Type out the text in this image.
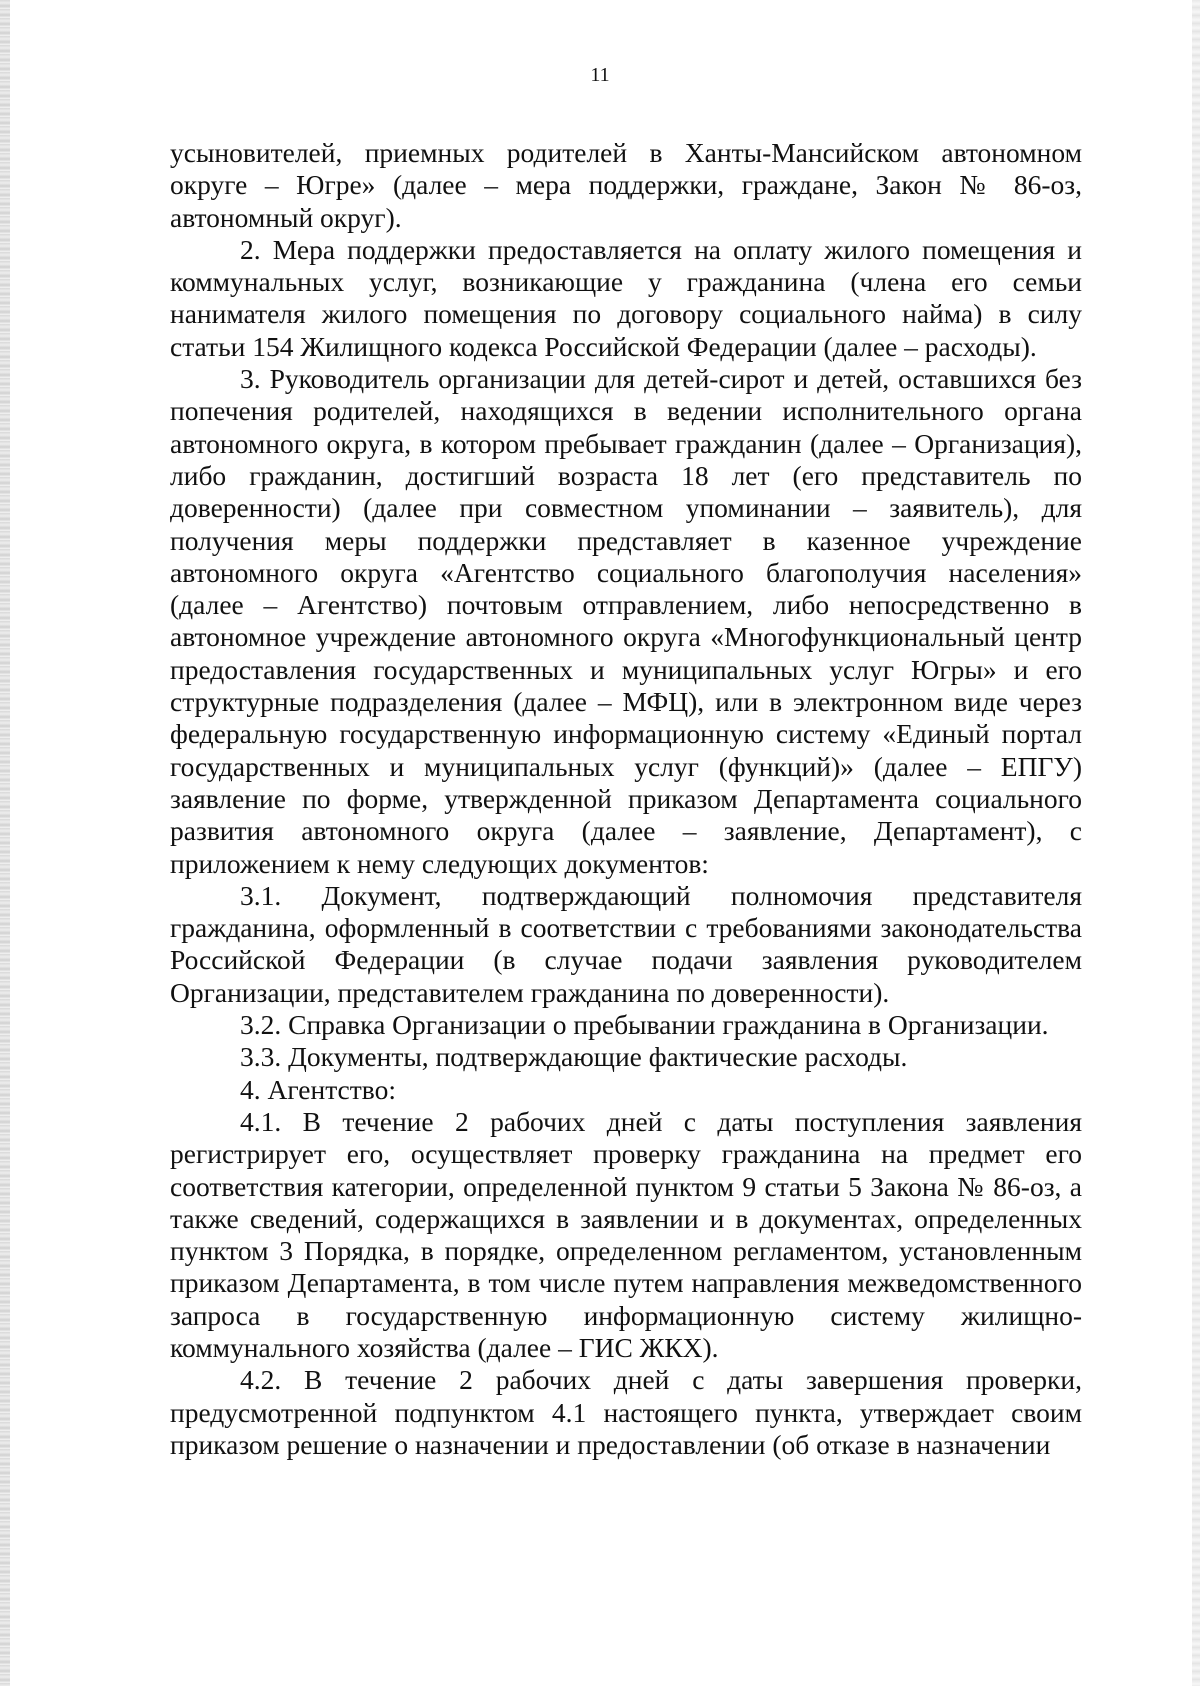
11

усыновителей, приемных родителей в Ханты-Мансийском автономном округе – Югре» (далее – мера поддержки, граждане, Закон № 86-оз, автономный округ).

2. Мера поддержки предоставляется на оплату жилого помещения и коммунальных услуг, возникающие у гражданина (члена его семьи нанимателя жилого помещения по договору социального найма) в силу статьи 154 Жилищного кодекса Российской Федерации (далее – расходы).

3. Руководитель организации для детей-сирот и детей, оставшихся без попечения родителей, находящихся в ведении исполнительного органа автономного округа, в котором пребывает гражданин (далее – Организация), либо гражданин, достигший возраста 18 лет (его представитель по доверенности) (далее при совместном упоминании – заявитель), для получения меры поддержки представляет в казенное учреждение автономного округа «Агентство социального благополучия населения» (далее – Агентство) почтовым отправлением, либо непосредственно в автономное учреждение автономного округа «Многофункциональный центр предоставления государственных и муниципальных услуг Югры» и его структурные подразделения (далее – МФЦ), или в электронном виде через федеральную государственную информационную систему «Единый портал государственных и муниципальных услуг (функций)» (далее – ЕПГУ) заявление по форме, утвержденной приказом Департамента социального развития автономного округа (далее – заявление, Департамент), с приложением к нему следующих документов:

3.1. Документ, подтверждающий полномочия представителя гражданина, оформленный в соответствии с требованиями законодательства Российской Федерации (в случае подачи заявления руководителем Организации, представителем гражданина по доверенности).

3.2. Справка Организации о пребывании гражданина в Организации.

3.3. Документы, подтверждающие фактические расходы.

4. Агентство:

4.1. В течение 2 рабочих дней с даты поступления заявления регистрирует его, осуществляет проверку гражданина на предмет его соответствия категории, определенной пунктом 9 статьи 5 Закона № 86-оз, а также сведений, содержащихся в заявлении и в документах, определенных пунктом 3 Порядка, в порядке, определенном регламентом, установленным приказом Департамента, в том числе путем направления межведомственного запроса в государственную информационную систему жилищно-коммунального хозяйства (далее – ГИС ЖКХ).

4.2. В течение 2 рабочих дней с даты завершения проверки, предусмотренной подпунктом 4.1 настоящего пункта, утверждает своим приказом решение о назначении и предоставлении (об отказе в назначении
